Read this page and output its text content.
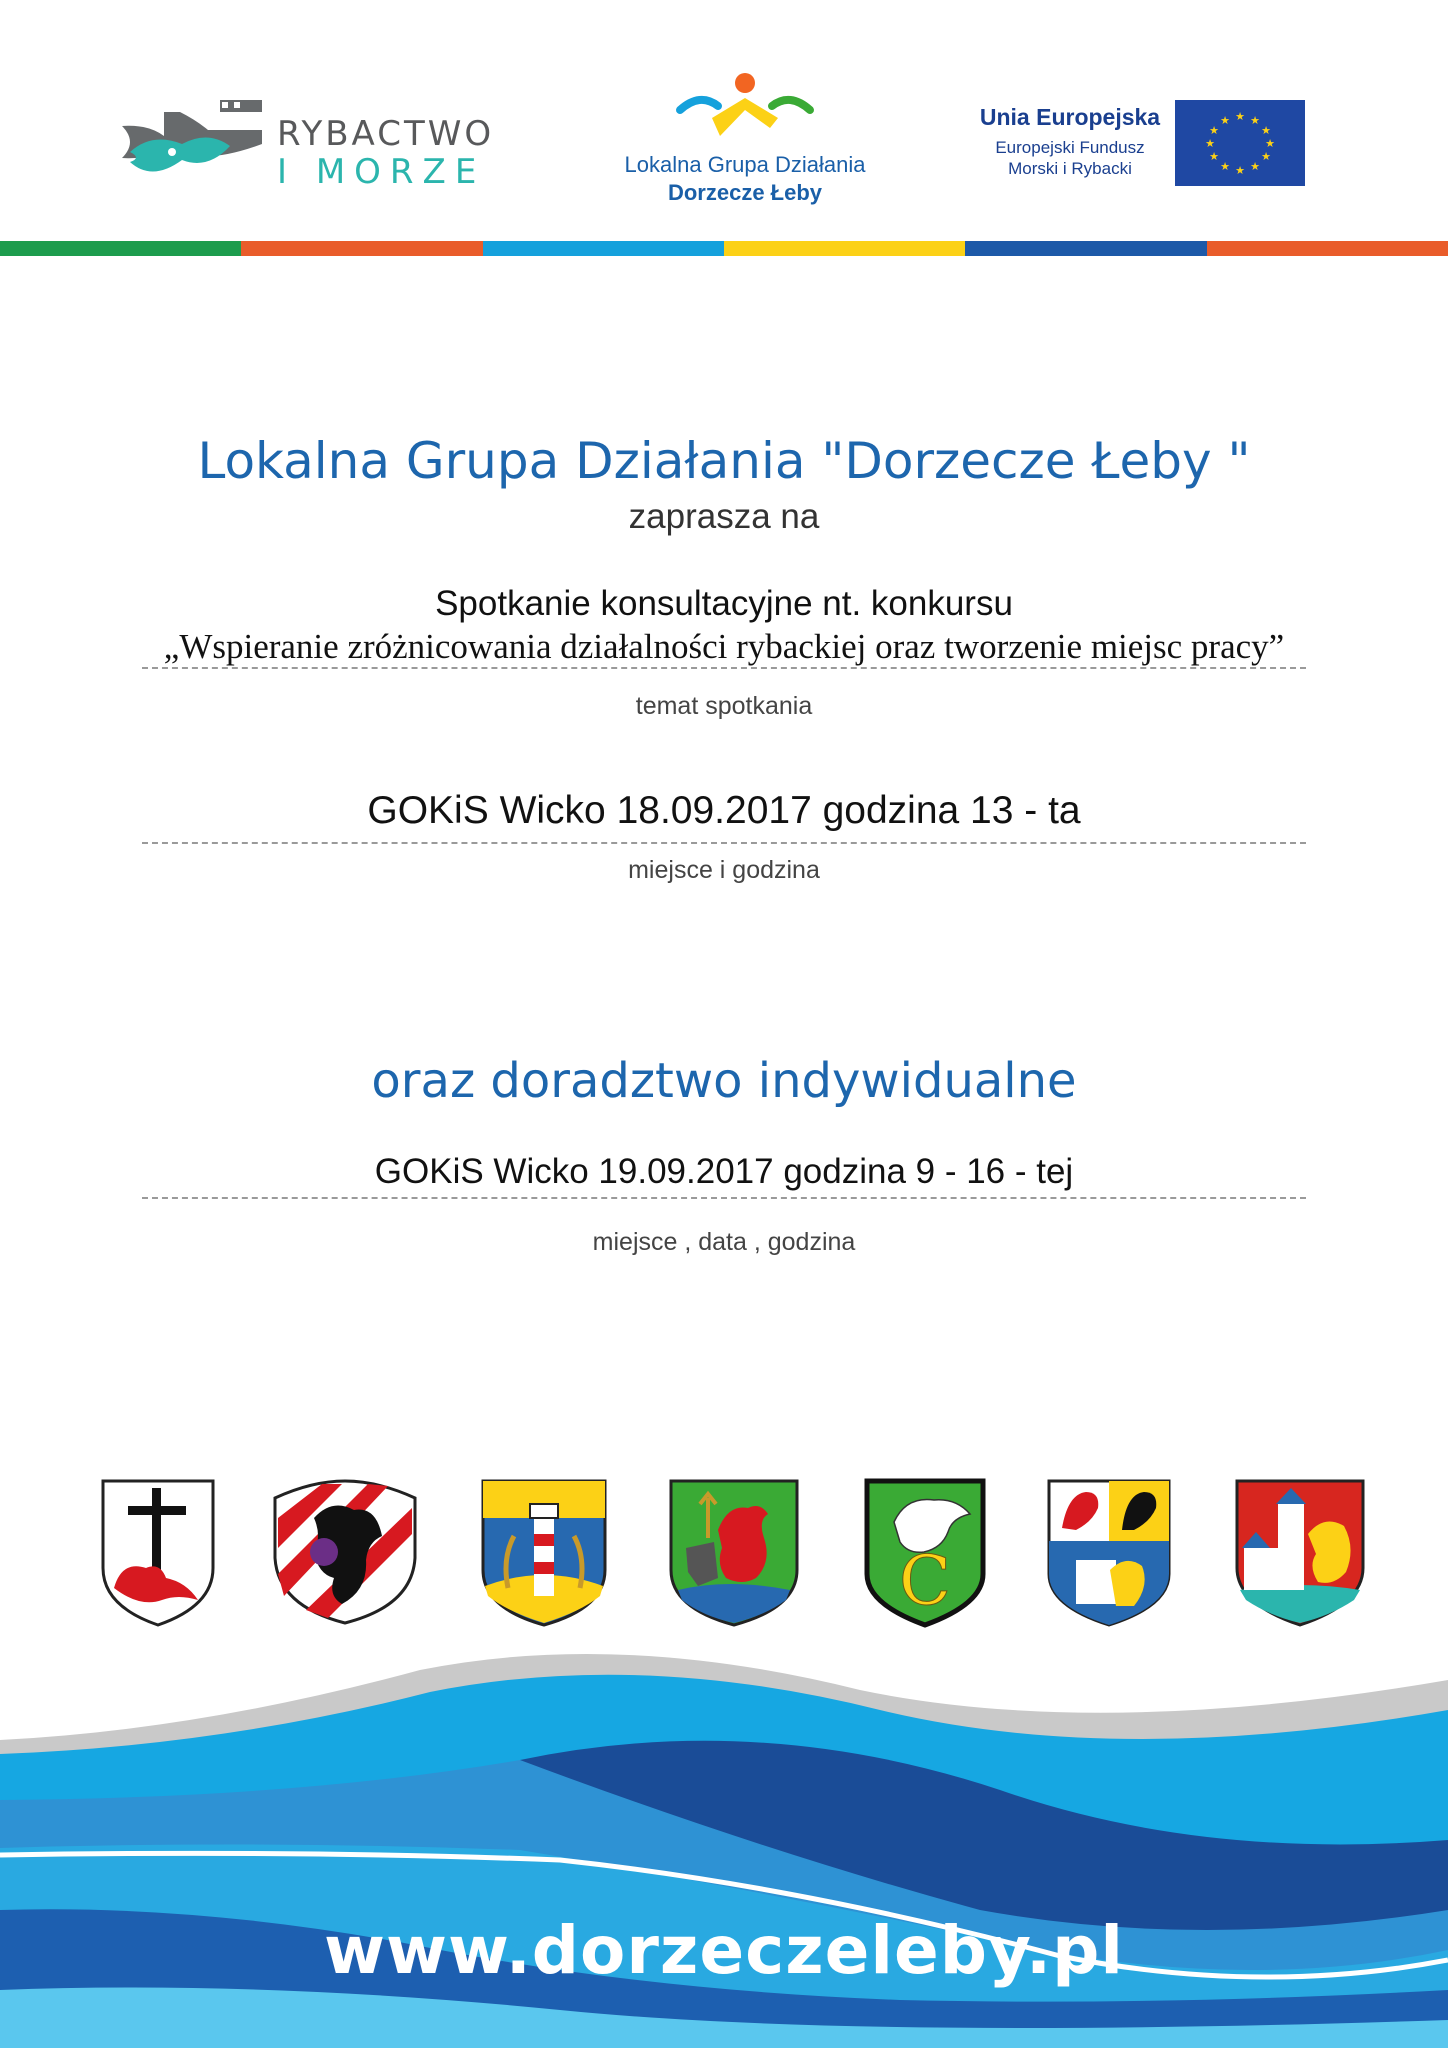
RYBACTWO
I MORZE	Lokalna Grupa Działania
Dorzecze Łeby
Unia Europejska
Europejski Fundusz
Morski i Rybacki
★ ★
★
★
★
★
★
★
★
★
★
★
Lokalna Grupa Działania "Dorzecze Łeby "
zaprasza na
Spotkanie konsultacyjne nt. konkursu
„Wspieranie zróżnicowania działalności rybackiej oraz tworzenie miejsc pracy”
temat spotkania
GOKiS Wicko 18.09.2017 godzina 13 - ta
miejsce i godzina
oraz doradztwo indywidualne
GOKiS Wicko 19.09.2017 godzina 9 - 16 - tej
miejsce , data , godzina
C
www.dorzeczeleby.pl
